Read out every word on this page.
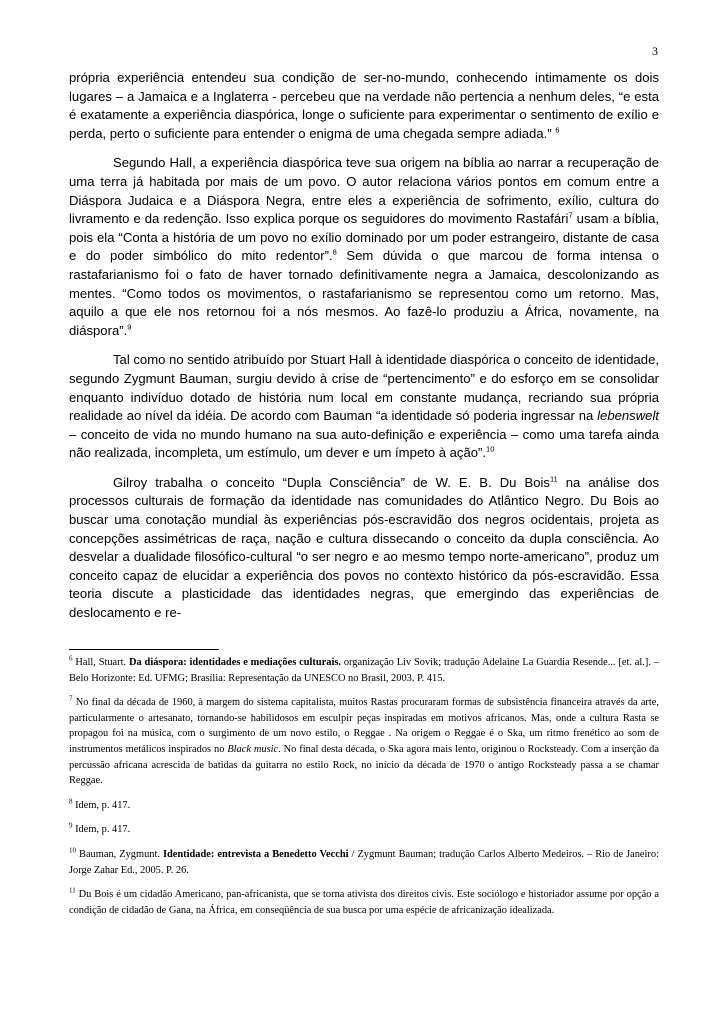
3

própria experiência entendeu sua condição de ser-no-mundo, conhecendo intimamente os dois lugares – a Jamaica e a Inglaterra - percebeu que na verdade não pertencia a nenhum deles, “e esta é exatamente a experiência diaspórica, longe o suficiente para experimentar o sentimento de exílio e perda, perto o suficiente para entender o enigma de uma chegada sempre adiada.” $^6$

Segundo Hall, a experiência diaspórica teve sua origem na bíblia ao narrar a recuperação de uma terra já habitada por mais de um povo. O autor relaciona vários pontos em comum entre a Diáspora Judaica e a Diáspora Negra, entre eles a experiência de sofrimento, exílio, cultura do livramento e da redenção. Isso explica porque os seguidores do movimento Rastafári$^7$ usam a bíblia, pois ela “Conta a história de um povo no exílio dominado por um poder estrangeiro, distante de casa e do poder simbólico do mito redentor”.$^8$ Sem dúvida o que marcou de forma intensa o rastafarianismo foi o fato de haver tornado definitivamente negra a Jamaica, descolonizando as mentes. “Como todos os movimentos, o rastafarianismo se representou como um retorno. Mas, aquilo a que ele nos retornou foi a nós mesmos. Ao fazê-lo produziu a África, novamente, na diáspora”.$^9$

Tal como no sentido atribuído por Stuart Hall à identidade diaspórica o conceito de identidade, segundo Zygmunt Bauman, surgiu devido à crise de “pertencimento” e do esforço em se consolidar enquanto indivíduo dotado de história num local em constante mudança, recriando sua própria realidade ao nível da idéia. De acordo com Bauman “a identidade só poderia ingressar na lebenswelt – conceito de vida no mundo humano na sua auto-definição e experiência – como uma tarefa ainda não realizada, incompleta, um estímulo, um dever e um ímpeto à ação”.$^{10}$

Gilroy trabalha o conceito “Dupla Consciência” de W. E. B. Du Bois$^{11}$ na análise dos processos culturais de formação da identidade nas comunidades do Atlântico Negro. Du Bois ao buscar uma conotação mundial às experiências pós-escravidão dos negros ocidentais, projeta as concepções assimétricas de raça, nação e cultura dissecando o conceito da dupla consciência. Ao desvelar a dualidade filosófico-cultural “o ser negro e ao mesmo tempo norte-americano”, produz um conceito capaz de elucidar a experiência dos povos no contexto histórico da pós-escravidão. Essa teoria discute a plasticidade das identidades negras, que emergindo das experiências de deslocamento e re-

$^6$ Hall, Stuart. Da diáspora: identidades e mediações culturais. organização Liv Sovik; tradução Adelaine La Guardia Resende... [et. al.]. – Belo Horizonte: Ed. UFMG; Brasília: Representação da UNESCO no Brasil, 2003. P. 415.
$^7$ No final da década de 1960, à margem do sistema capitalista, muitos Rastas procuraram formas de subsistência financeira através da arte, particularmente o artesanato, tornando-se habilidosos em esculpir peças inspiradas em motivos africanos. Mas, onde a cultura Rasta se propagou foi na música, com o surgimento de um novo estilo, o Reggae . Na origem o Reggae é o Ska, um ritmo frenético ao som de instrumentos metálicos inspirados no Black music. No final desta década, o Ska agora mais lento, originou o Rocksteady. Com a inserção da percussão africana acrescida de batidas da guitarra no estilo Rock, no início da década de 1970 o antigo Rocksteady passa a se chamar Reggae.
$^8$ Idem, p. 417.
$^9$ Idem, p. 417.
$^{10}$ Bauman, Zygmunt. Identidade: entrevista a Benedetto Vecchi / Zygmunt Bauman; tradução Carlos Alberto Medeiros. – Rio de Janeiro: Jorge Zahar Ed., 2005. P. 26.
$^{11}$ Du Bois é um cidadão Americano, pan-africanista, que se torna ativista dos direitos civis. Este sociólogo e historiador assume por opção a condição de cidadão de Gana, na África, em conseqüência de sua busca por uma espécie de africanização idealizada.
